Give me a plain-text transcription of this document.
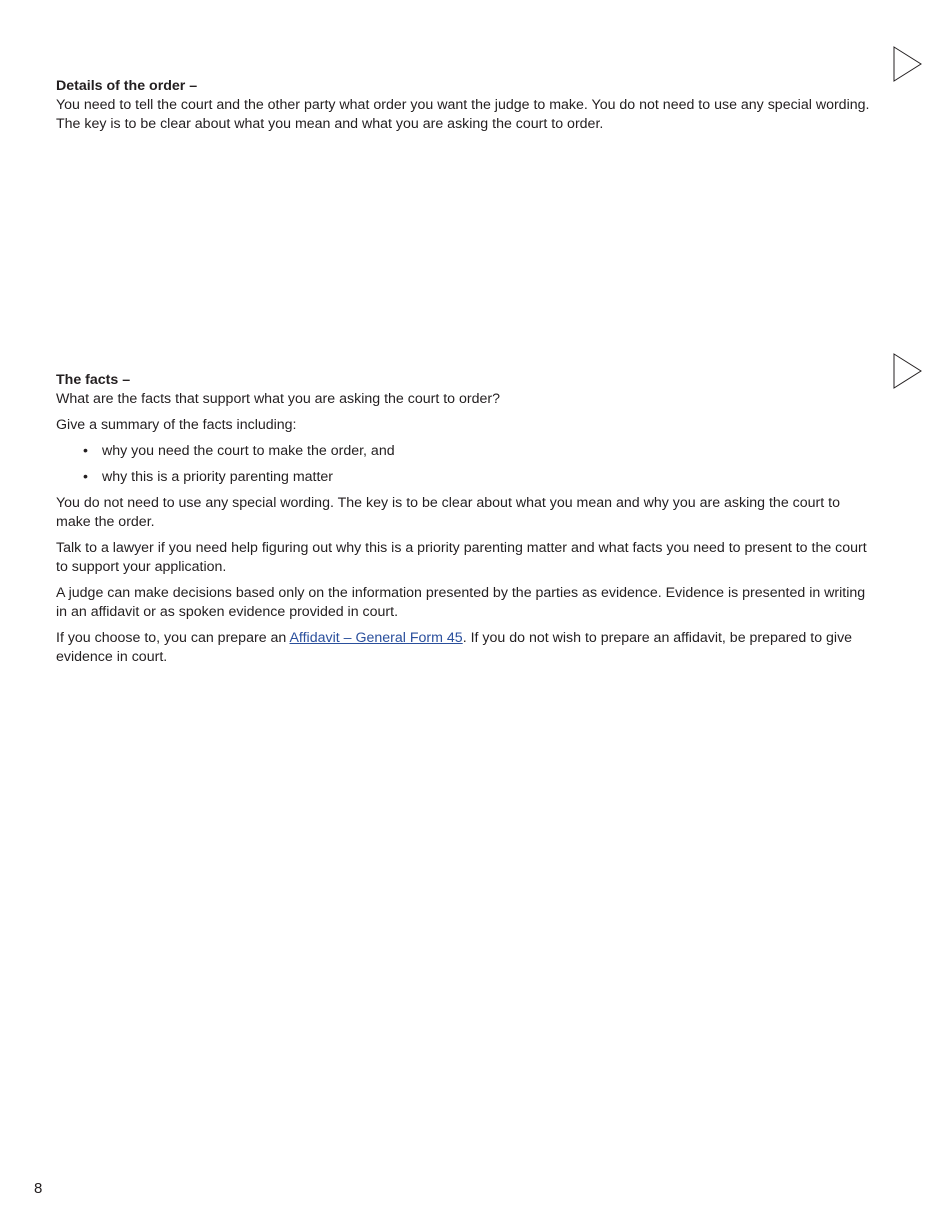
Details of the order –

You need to tell the court and the other party what order you want the judge to make. You do not need to use any special wording. The key is to be clear about what you mean and what you are asking the court to order.

The facts –

What are the facts that support what you are asking the court to order?

Give a summary of the facts including:

• why you need the court to make the order, and
• why this is a priority parenting matter

You do not need to use any special wording. The key is to be clear about what you mean and why you are asking the court to make the order.

Talk to a lawyer if you need help figuring out why this is a priority parenting matter and what facts you need to present to the court to support your application.

A judge can make decisions based only on the information presented by the parties as evidence. Evidence is presented in writing in an affidavit or as spoken evidence provided in court.

If you choose to, you can prepare an Affidavit – General Form 45. If you do not wish to prepare an affidavit, be prepared to give evidence in court.

8
